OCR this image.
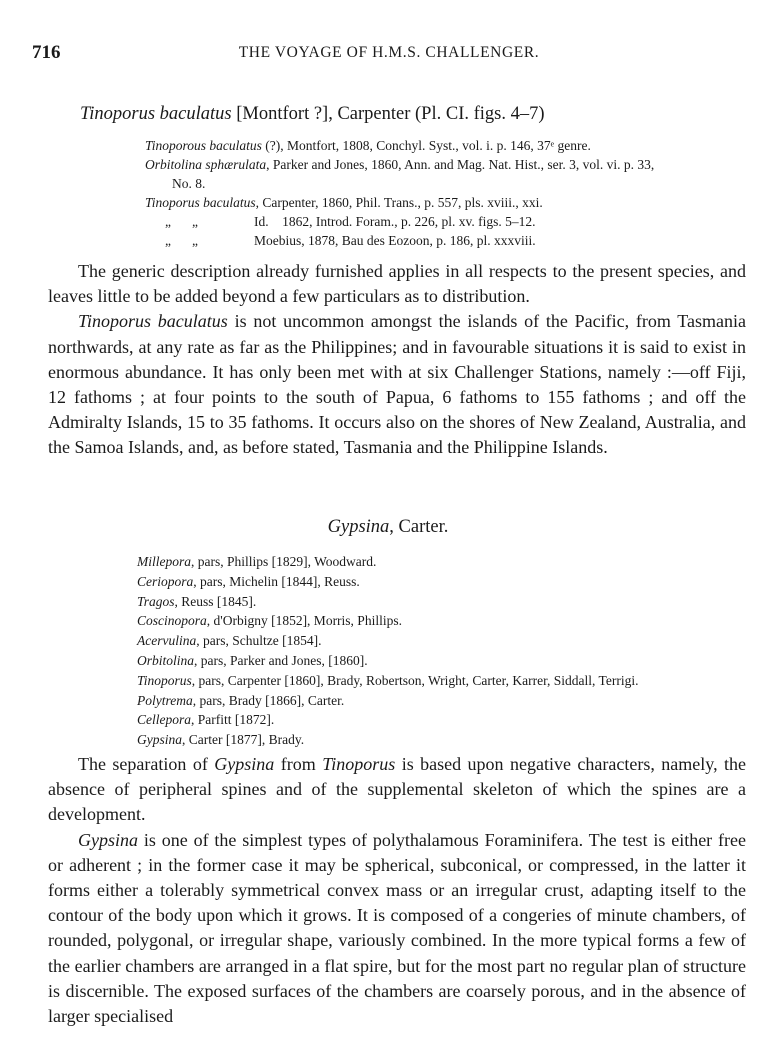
716	THE VOYAGE OF H.M.S. CHALLENGER.
Tinoporus baculatus [Montfort ?], Carpenter (Pl. CI. figs. 4–7)
Tinoporous baculatus (?), Montfort, 1808, Conchyl. Syst., vol. i. p. 146, 37ᵉ genre.
Orbitolina sphærulata, Parker and Jones, 1860, Ann. and Mag. Nat. Hist., ser. 3, vol. vi. p. 33,
No. 8.
Tinoporus baculatus, Carpenter, 1860, Phil. Trans., p. 557, pls. xviii., xxi.
„ „	Id.    1862, Introd. Foram., p. 226, pl. xv. figs. 5–12.
„ „	Moebius, 1878, Bau des Eozoon, p. 186, pl. xxxviii.

The generic description already furnished applies in all respects to the present species, and leaves little to be added beyond a few particulars as to distribution.

Tinoporus baculatus is not uncommon amongst the islands of the Pacific, from Tasmania northwards, at any rate as far as the Philippines; and in favourable situations it is said to exist in enormous abundance. It has only been met with at six Challenger Stations, namely :—off Fiji, 12 fathoms ; at four points to the south of Papua, 6 fathoms to 155 fathoms ; and off the Admiralty Islands, 15 to 35 fathoms. It occurs also on the shores of New Zealand, Australia, and the Samoa Islands, and, as before stated, Tasmania and the Philippine Islands.

Gypsina, Carter.
Millepora, pars, Phillips [1829], Woodward.
Ceriopora, pars, Michelin [1844], Reuss.
Tragos, Reuss [1845].
Coscinopora, d'Orbigny [1852], Morris, Phillips.
Acervulina, pars, Schultze [1854].
Orbitolina, pars, Parker and Jones, [1860].
Tinoporus, pars, Carpenter [1860], Brady, Robertson, Wright, Carter, Karrer, Siddall, Terrigi.
Polytrema, pars, Brady [1866], Carter.
Cellepora, Parfitt [1872].
Gypsina, Carter [1877], Brady.

The separation of Gypsina from Tinoporus is based upon negative characters, namely, the absence of peripheral spines and of the supplemental skeleton of which the spines are a development.

Gypsina is one of the simplest types of polythalamous Foraminifera. The test is either free or adherent ; in the former case it may be spherical, subconical, or compressed, in the latter it forms either a tolerably symmetrical convex mass or an irregular crust, adapting itself to the contour of the body upon which it grows. It is composed of a congeries of minute chambers, of rounded, polygonal, or irregular shape, variously combined. In the more typical forms a few of the earlier chambers are arranged in a flat spire, but for the most part no regular plan of structure is discernible. The exposed surfaces of the chambers are coarsely porous, and in the absence of larger specialised
